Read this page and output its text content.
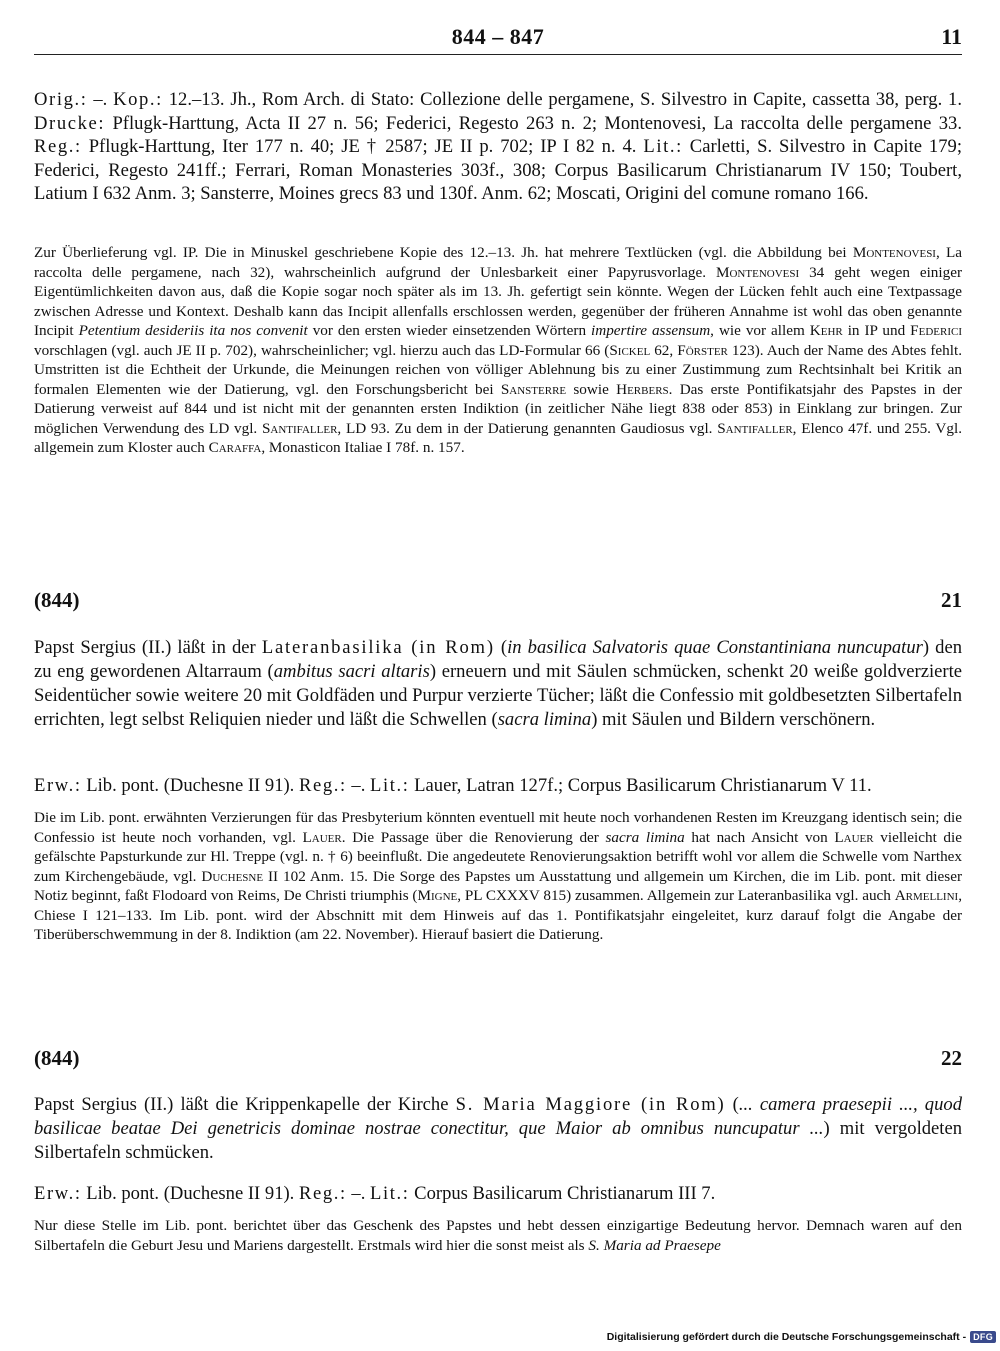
844 – 847	11
Orig.: –. Kop.: 12.–13. Jh., Rom Arch. di Stato: Collezione delle pergamene, S. Silvestro in Capite, cassetta 38, perg. 1. Drucke: Pflugk-Harttung, Acta II 27 n. 56; Federici, Regesto 263 n. 2; Montenovesi, La raccolta delle pergamene 33. Reg.: Pflugk-Harttung, Iter 177 n. 40; JE † 2587; JE II p. 702; IP I 82 n. 4. Lit.: Carletti, S. Silvestro in Capite 179; Federici, Regesto 241ff.; Ferrari, Roman Monasteries 303f., 308; Corpus Basilicarum Christianarum IV 150; Toubert, Latium I 632 Anm. 3; Sansterre, Moines grecs 83 und 130f. Anm. 62; Moscati, Origini del comune romano 166.
Zur Überlieferung vgl. IP. Die in Minuskel geschriebene Kopie des 12.–13. Jh. hat mehrere Textlücken (vgl. die Abbildung bei Montenovesi, La raccolta delle pergamene, nach 32), wahrscheinlich aufgrund der Unlesbarkeit einer Papyrusvorlage. Montenovesi 34 geht wegen einiger Eigentümlichkeiten davon aus, daß die Kopie sogar noch später als im 13. Jh. gefertigt sein könnte. Wegen der Lücken fehlt auch eine Textpassage zwischen Adresse und Kontext. Deshalb kann das Incipit allenfalls erschlossen werden, gegenüber der früheren Annahme ist wohl das oben genannte Incipit Petentium desideriis ita nos convenit vor den ersten wieder einsetzenden Wörtern impertire assensum, wie vor allem Kehr in IP und Federici vorschlagen (vgl. auch JE II p. 702), wahrscheinlicher; vgl. hierzu auch das LD-Formular 66 (Sickel 62, Förster 123). Auch der Name des Abtes fehlt. Umstritten ist die Echtheit der Urkunde, die Meinungen reichen von völliger Ablehnung bis zu einer Zustimmung zum Rechtsinhalt bei Kritik an formalen Elementen wie der Datierung, vgl. den Forschungsbericht bei Sansterre sowie Herbers. Das erste Pontifikatsjahr des Papstes in der Datierung verweist auf 844 und ist nicht mit der genannten ersten Indiktion (in zeitlicher Nähe liegt 838 oder 853) in Einklang zur bringen. Zur möglichen Verwendung des LD vgl. Santifaller, LD 93. Zu dem in der Datierung genannten Gaudiosus vgl. Santifaller, Elenco 47f. und 255. Vgl. allgemein zum Kloster auch Caraffa, Monasticon Italiae I 78f. n. 157.
(844)	21
Papst Sergius (II.) läßt in der Lateranbasilika (in Rom) (in basilica Salvatoris quae Constantiniana nuncupatur) den zu eng gewordenen Altarraum (ambitus sacri altaris) erneuern und mit Säulen schmücken, schenkt 20 weiße goldverzierte Seidentücher sowie weitere 20 mit Goldfäden und Purpur verzierte Tücher; läßt die Confessio mit goldbesetzten Silbertafeln errichten, legt selbst Reliquien nieder und läßt die Schwellen (sacra limina) mit Säulen und Bildern verschönern.
Erw.: Lib. pont. (Duchesne II 91). Reg.: –. Lit.: Lauer, Latran 127f.; Corpus Basilicarum Christianarum V 11.
Die im Lib. pont. erwähnten Verzierungen für das Presbyterium könnten eventuell mit heute noch vorhandenen Resten im Kreuzgang identisch sein; die Confessio ist heute noch vorhanden, vgl. Lauer. Die Passage über die Renovierung der sacra limina hat nach Ansicht von Lauer vielleicht die gefälschte Papsturkunde zur Hl. Treppe (vgl. n. † 6) beeinflußt. Die angedeutete Renovierungsaktion betrifft wohl vor allem die Schwelle vom Narthex zum Kirchengebäude, vgl. Duchesne II 102 Anm. 15. Die Sorge des Papstes um Ausstattung und allgemein um Kirchen, die im Lib. pont. mit dieser Notiz beginnt, faßt Flodoard von Reims, De Christi triumphis (Migne, PL CXXXV 815) zusammen. Allgemein zur Lateranbasilika vgl. auch Armellini, Chiese I 121–133. Im Lib. pont. wird der Abschnitt mit dem Hinweis auf das 1. Pontifikatsjahr eingeleitet, kurz darauf folgt die Angabe der Tiberüberschwemmung in der 8. Indiktion (am 22. November). Hierauf basiert die Datierung.
(844)	22
Papst Sergius (II.) läßt die Krippenkapelle der Kirche S. Maria Maggiore (in Rom) (... camera praesepii ..., quod basilicae beatae Dei genetricis dominae nostrae conectitur, que Maior ab omnibus nuncupatur ...) mit vergoldeten Silbertafeln schmücken.
Erw.: Lib. pont. (Duchesne II 91). Reg.: –. Lit.: Corpus Basilicarum Christianarum III 7.
Nur diese Stelle im Lib. pont. berichtet über das Geschenk des Papstes und hebt dessen einzigartige Bedeutung hervor. Demnach waren auf den Silbertafeln die Geburt Jesu und Mariens dargestellt. Erstmals wird hier die sonst meist als S. Maria ad Praesepe
Digitalisierung gefördert durch die Deutsche Forschungsgemeinschaft - DFG
